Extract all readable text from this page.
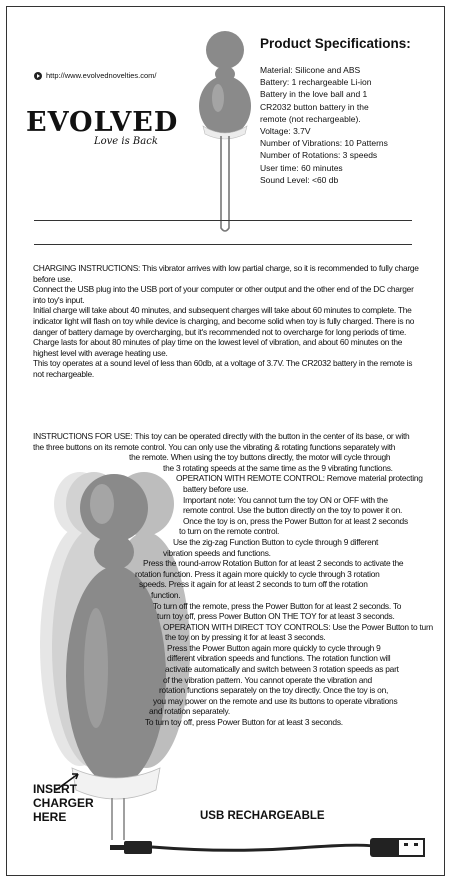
http://www.evolvednovelties.com/
EVOLVED
Love is Back
Product Specifications:
Material: Silicone and ABS
Battery: 1 rechargeable Li-ion
Battery in the love ball and 1
CR2032 button battery in the
remote (not rechargeable).
Voltage: 3.7V
Number of Vibrations: 10 Patterns
Number of Rotations: 3 speeds
User time: 60 minutes
Sound Level: <60 db

CHARGING INSTRUCTIONS: This vibrator arrives with low partial charge, so it is recommended to fully charge before use.

Connect the USB plug into the USB port of your computer or other output and the other end of the DC charger into toy's input.

Initial charge will take about 40 minutes, and subsequent charges will take about 60 minutes to complete. The indicator light will flash on toy while device is charging, and become solid when toy is fully charged. There is no danger of battery damage by overcharging, but it's recommended not to overcharge for long periods of time.

Charge lasts for about 80 minutes of play time on the lowest level of vibration, and about 60 minutes on the highest level with average heating use.

This toy operates at a sound level of less than 60db, at a voltage of 3.7V. The CR2032 battery in the remote is not rechargeable.

INSTRUCTIONS FOR USE: This toy can be operated directly with the button in the center of its base, or with
the three buttons on its remote control. You can only use the vibrating & rotating functions separately with
the remote. When using the toy buttons directly, the motor will cycle through
the 3 rotating speeds at the same time as the 9 vibrating functions.
OPERATION WITH REMOTE CONTROL: Remove material protecting
battery before use.
Important note: You cannot turn the toy ON or OFF with the
remote control. Use the button directly on the toy to power it on.
Once the toy is on, press the Power Button for at least 2 seconds
to turn on the remote control.
Use the zig-zag Function Button to cycle through 9 different
vibration speeds and functions.
Press the round-arrow Rotation Button for at least 2 seconds to activate the
rotation function. Press it again more quickly to cycle through 3 rotation
speeds. Press it again for at least 2 seconds to turn off the rotation
function.
To turn off the remote, press the Power Button for at least 2 seconds. To
turn toy off, press Power Button ON THE TOY for at least 3 seconds.
OPERATION WITH DIRECT TOY CONTROLS: Use the Power Button to turn
the toy on by pressing it for at least 3 seconds.
Press the Power Button again more quickly to cycle through 9
different vibration speeds and functions. The rotation function will
activate automatically and switch between 3 rotation speeds as part
of the vibration pattern. You cannot operate the vibration and
rotation functions separately on the toy directly. Once the toy is on,
you may power on the remote and use its buttons to operate vibrations
and rotation separately.
To turn toy off, press Power Button for at least 3 seconds.
INSERT
CHARGER
HERE	USB RECHARGEABLE
